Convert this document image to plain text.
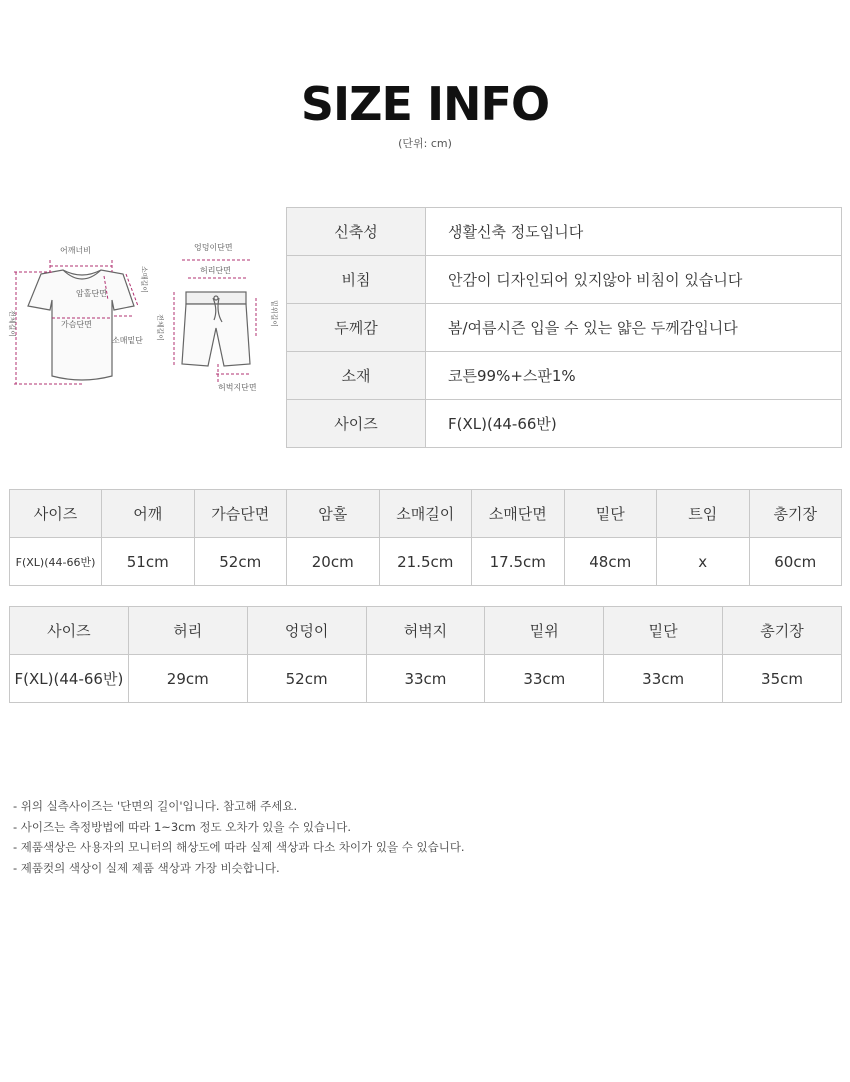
SIZE INFO
(단위: cm)
어깨너비
암홀단면
가슴단면
소매밑단
소매길이
전체길이
엉덩이단면
허리단면
전체길이
밑위길이
허벅지단면
신축성	생활신축 정도입니다
비침	안감이 디자인되어 있지않아 비침이 있습니다
두께감	봄/여름시즌 입을 수 있는 얇은 두께감입니다
소재	코튼99%+스판1%
사이즈	F(XL)(44-66반)
사이즈	어깨	가슴단면	암홀	소매길이	소매단면	밑단	트임	총기장
F(XL)(44-66반)	51cm	52cm	20cm	21.5cm	17.5cm	48cm	x	60cm
사이즈	허리	엉덩이	허벅지	밑위	밑단	총기장
F(XL)(44-66반)	29cm	52cm	33cm	33cm	33cm	35cm
- 위의 실측사이즈는 '단면의 길이'입니다. 참고해 주세요.
- 사이즈는 측정방법에 따라 1~3cm 정도 오차가 있을 수 있습니다.
- 제품색상은 사용자의 모니터의 해상도에 따라 실제 색상과 다소 차이가 있을 수 있습니다.
- 제품컷의 색상이 실제 제품 색상과 가장 비슷합니다.
